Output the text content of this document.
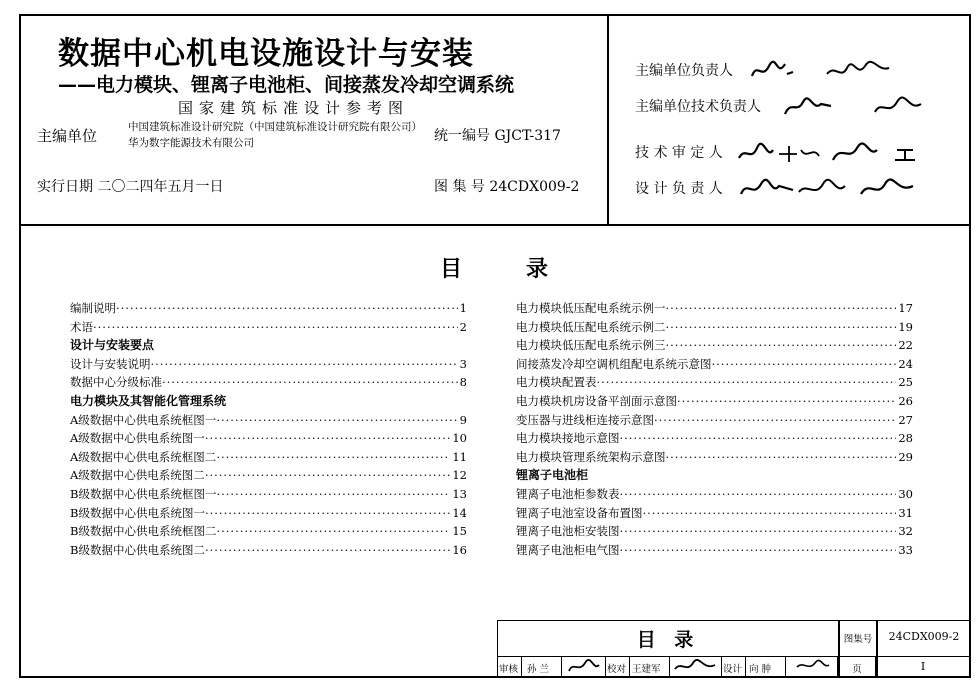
数据中心机电设施设计与安装
——电力模块、锂离子电池柜、间接蒸发冷却空调系统
国家建筑标准设计参考图
主编单位	中国建筑标准设计研究院（中国建筑标准设计研究院有限公司）
华为数字能源技术有限公司	统一编号 GJCT-317
实行日期 二〇二四年五月一日	图 集 号 24CDX009-2
主编单位负责人
主编单位技术负责人
技 术 审 定 人
设 计 负 责 人
目	录
编制说明 ·····	1
术语 ·····	2
设计与安装要点
设计与安装说明 ·····	3
数据中心分级标准 ·····	8
电力模块及其智能化管理系统
A级数据中心供电系统框图一 ·····	9
A级数据中心供电系统图一 ·····	10
A级数据中心供电系统框图二 ·····	11
A级数据中心供电系统图二 ·····	12
B级数据中心供电系统框图一 ·····	13
B级数据中心供电系统图一 ·····	14
B级数据中心供电系统框图二 ·····	15
B级数据中心供电系统图二 ·····	16
电力模块低压配电系统示例一 ·····	17
电力模块低压配电系统示例二 ·····	19
电力模块低压配电系统示例三 ·····	22
间接蒸发冷却空调机组配电系统示意图 ·····	24
电力模块配置表 ·····	25
电力模块机房设备平剖面示意图 ·····	26
变压器与进线柜连接示意图 ·····	27
电力模块接地示意图 ·····	28
电力模块管理系统架构示意图 ·····	29
锂离子电池柜
锂离子电池柜参数表 ·····	30
锂离子电池室设备布置图 ·····	31
锂离子电池柜安装图 ·····	32
锂离子电池柜电气图 ·····	33
目 录	图集号	24CDX009-2
审核 孙 兰	校对 王建军	设计 向 肿	页	I
